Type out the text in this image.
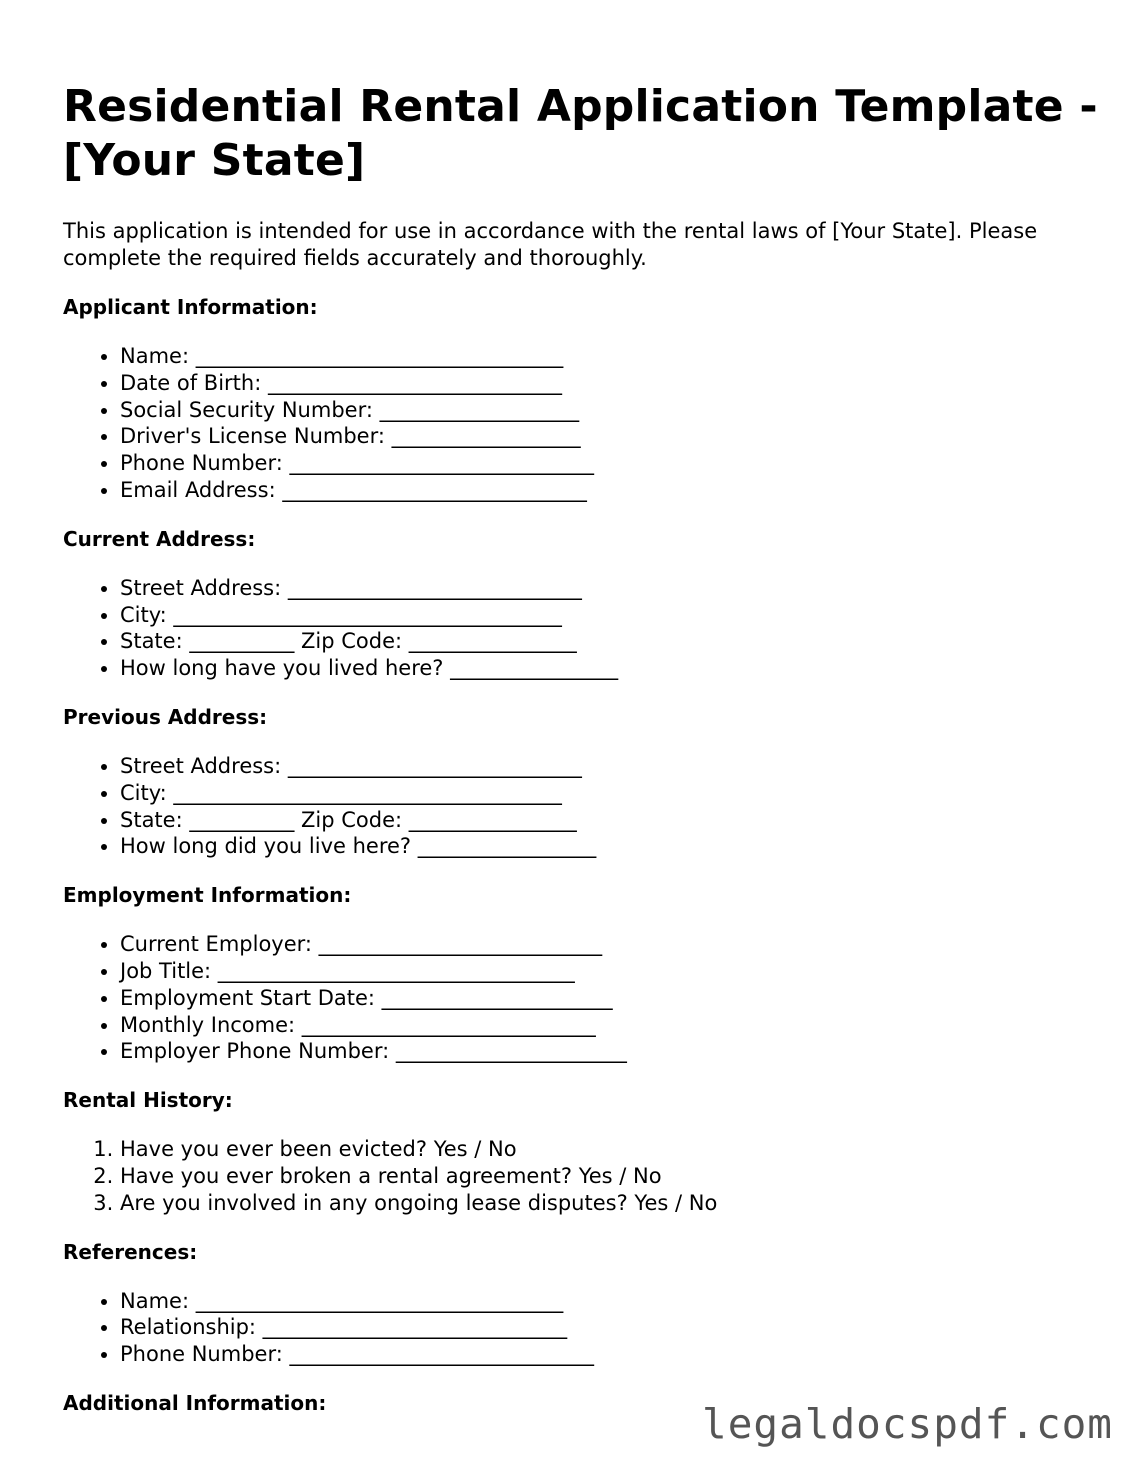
Residential Rental Application Template - [Your State]

This application is intended for use in accordance with the rental laws of [Your State]. Please complete the required fields accurately and thoroughly.

Applicant Information:
• Name: ___________________________________
• Date of Birth: ____________________________
• Social Security Number: ___________________
• Driver's License Number: __________________
• Phone Number: _____________________________
• Email Address: _____________________________
Current Address:
• Street Address: ____________________________
• City: _____________________________________
• State: __________ Zip Code: ________________
• How long have you lived here? ________________
Previous Address:
• Street Address: ____________________________
• City: _____________________________________
• State: __________ Zip Code: ________________
• How long did you live here? _________________
Employment Information:
• Current Employer: ___________________________
• Job Title: __________________________________
• Employment Start Date: ______________________
• Monthly Income: ____________________________
• Employer Phone Number: ______________________
Rental History:
1. Have you ever been evicted? Yes / No
2. Have you ever broken a rental agreement? Yes / No
3. Are you involved in any ongoing lease disputes? Yes / No
References:
• Name: ___________________________________
• Relationship: _____________________________
• Phone Number: _____________________________
Additional Information:	legaldocspdf.com
